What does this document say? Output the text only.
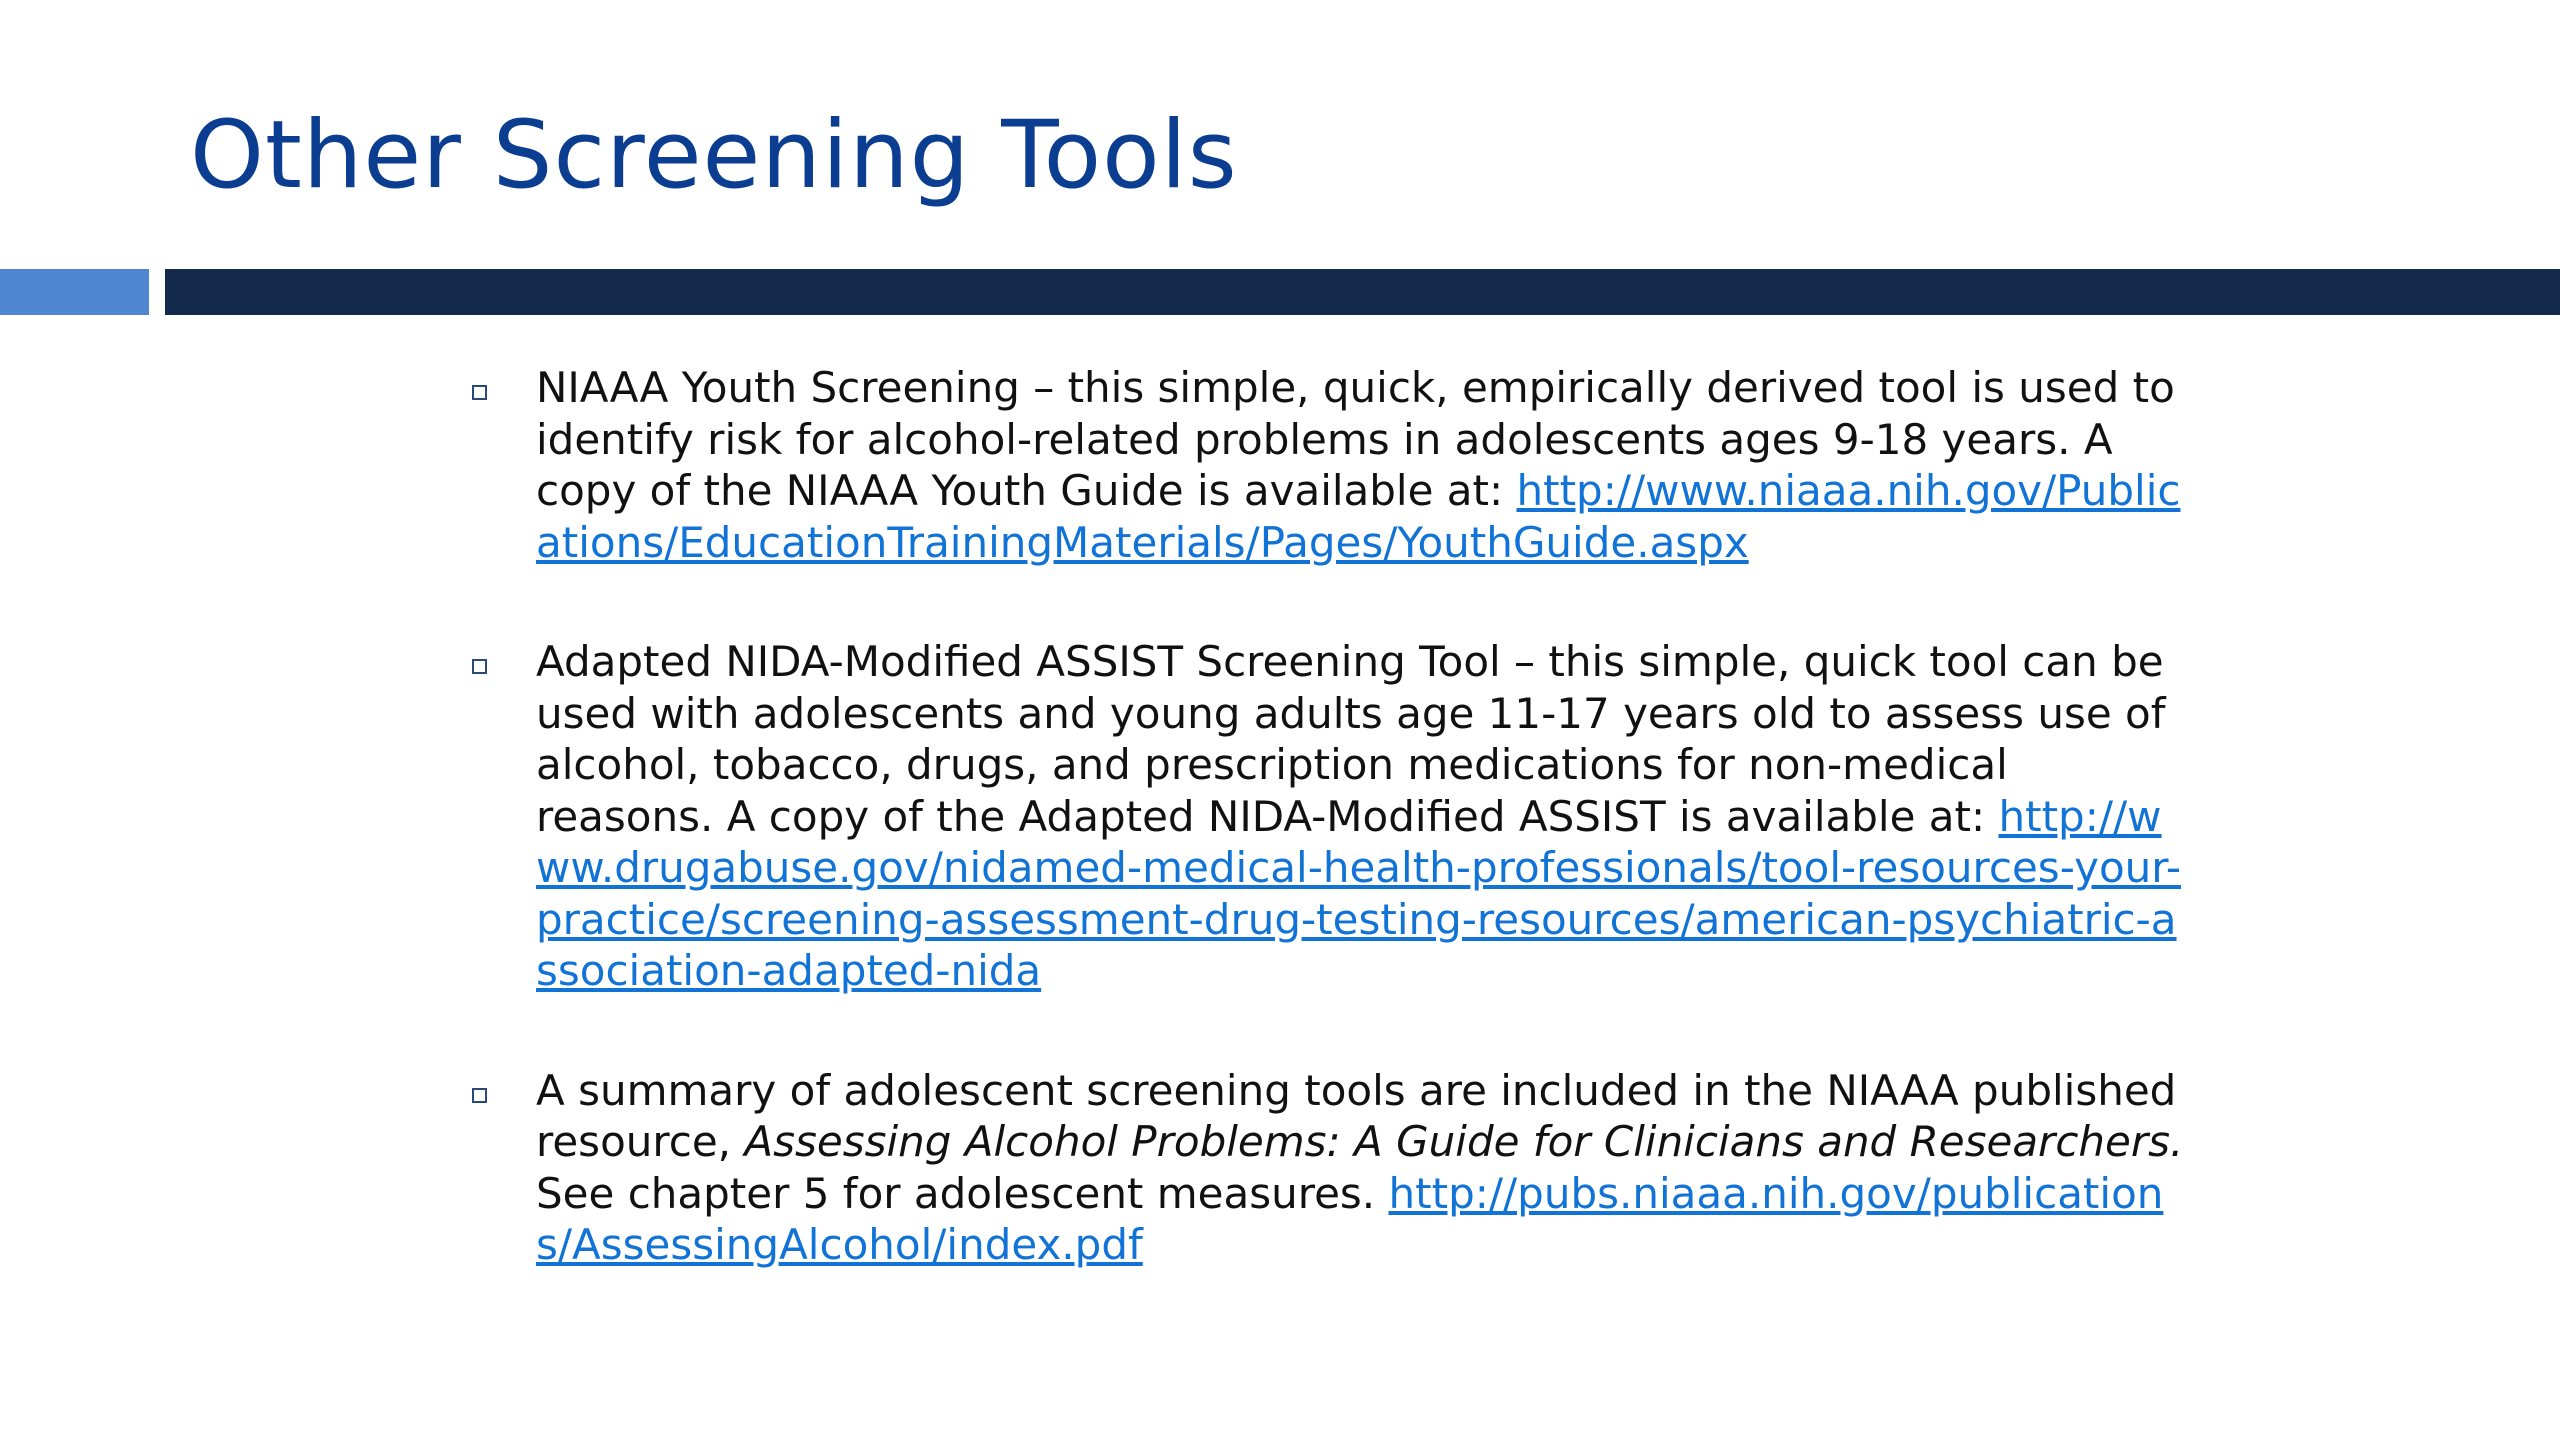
Other Screening Tools
NIAAA Youth Screening – this simple, quick, empirically derived tool is used to identify risk for alcohol-related problems in adolescents ages 9-18 years. A copy of the NIAAA Youth Guide is available at: http://www.niaaa.nih.gov/Publications/EducationTrainingMaterials/Pages/YouthGuide.aspx
Adapted NIDA-Modified ASSIST Screening Tool – this simple, quick tool can be used with adolescents and young adults age 11-17 years old to assess use of alcohol, tobacco, drugs, and prescription medications for non-medical reasons. A copy of the Adapted NIDA-Modified ASSIST is available at: http://www.drugabuse.gov/nidamed-medical-health-professionals/tool-resources-your-practice/screening-assessment-drug-testing-resources/american-psychiatric-association-adapted-nida
A summary of adolescent screening tools are included in the NIAAA published resource, Assessing Alcohol Problems: A Guide for Clinicians and Researchers. See chapter 5 for adolescent measures. http://pubs.niaaa.nih.gov/publications/AssessingAlcohol/index.pdf
